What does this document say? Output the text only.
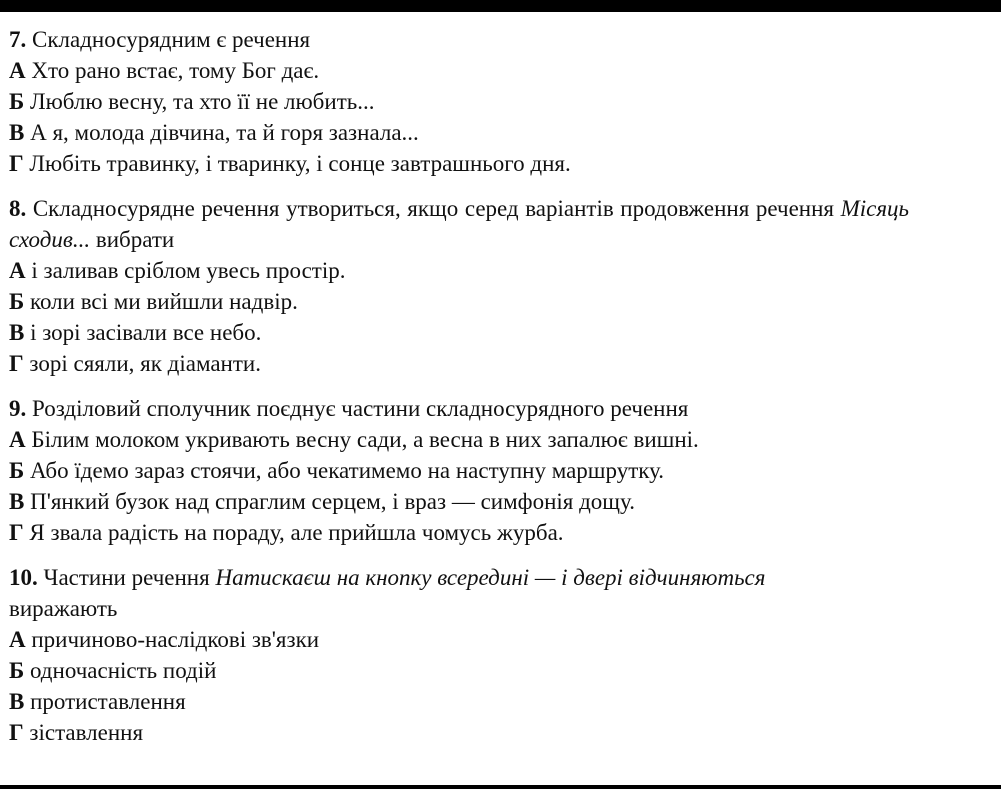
7. Складносурядним є речення
А Хто рано встає, тому Бог дає.
Б Люблю весну, та хто її не любить...
В А я, молода дівчина, та й горя зазнала...
Г Любіть травинку, і тваринку, і сонце завтрашнього дня.
8. Складносурядне речення утвориться, якщо серед варіантів продовження речення Місяць сходив... вибрати
А і заливав сріблом увесь простір.
Б коли всі ми вийшли надвір.
В і зорі засівали все небо.
Г зорі сяяли, як діаманти.
9. Розділовий сполучник поєднує частини складносурядного речення
А Білим молоком укривають весну сади, а весна в них запалює вишні.
Б Або їдемо зараз стоячи, або чекатимемо на наступну маршрутку.
В П'янкий бузок над спраглим серцем, і враз — симфонія дощу.
Г Я звала радість на пораду, але прийшла чомусь журба.
10. Частини речення Натискаєш на кнопку всередині — і двері відчиняються
виражають
А причиново-наслідкові зв'язки
Б одночасність подій
В протиставлення
Г зіставлення
